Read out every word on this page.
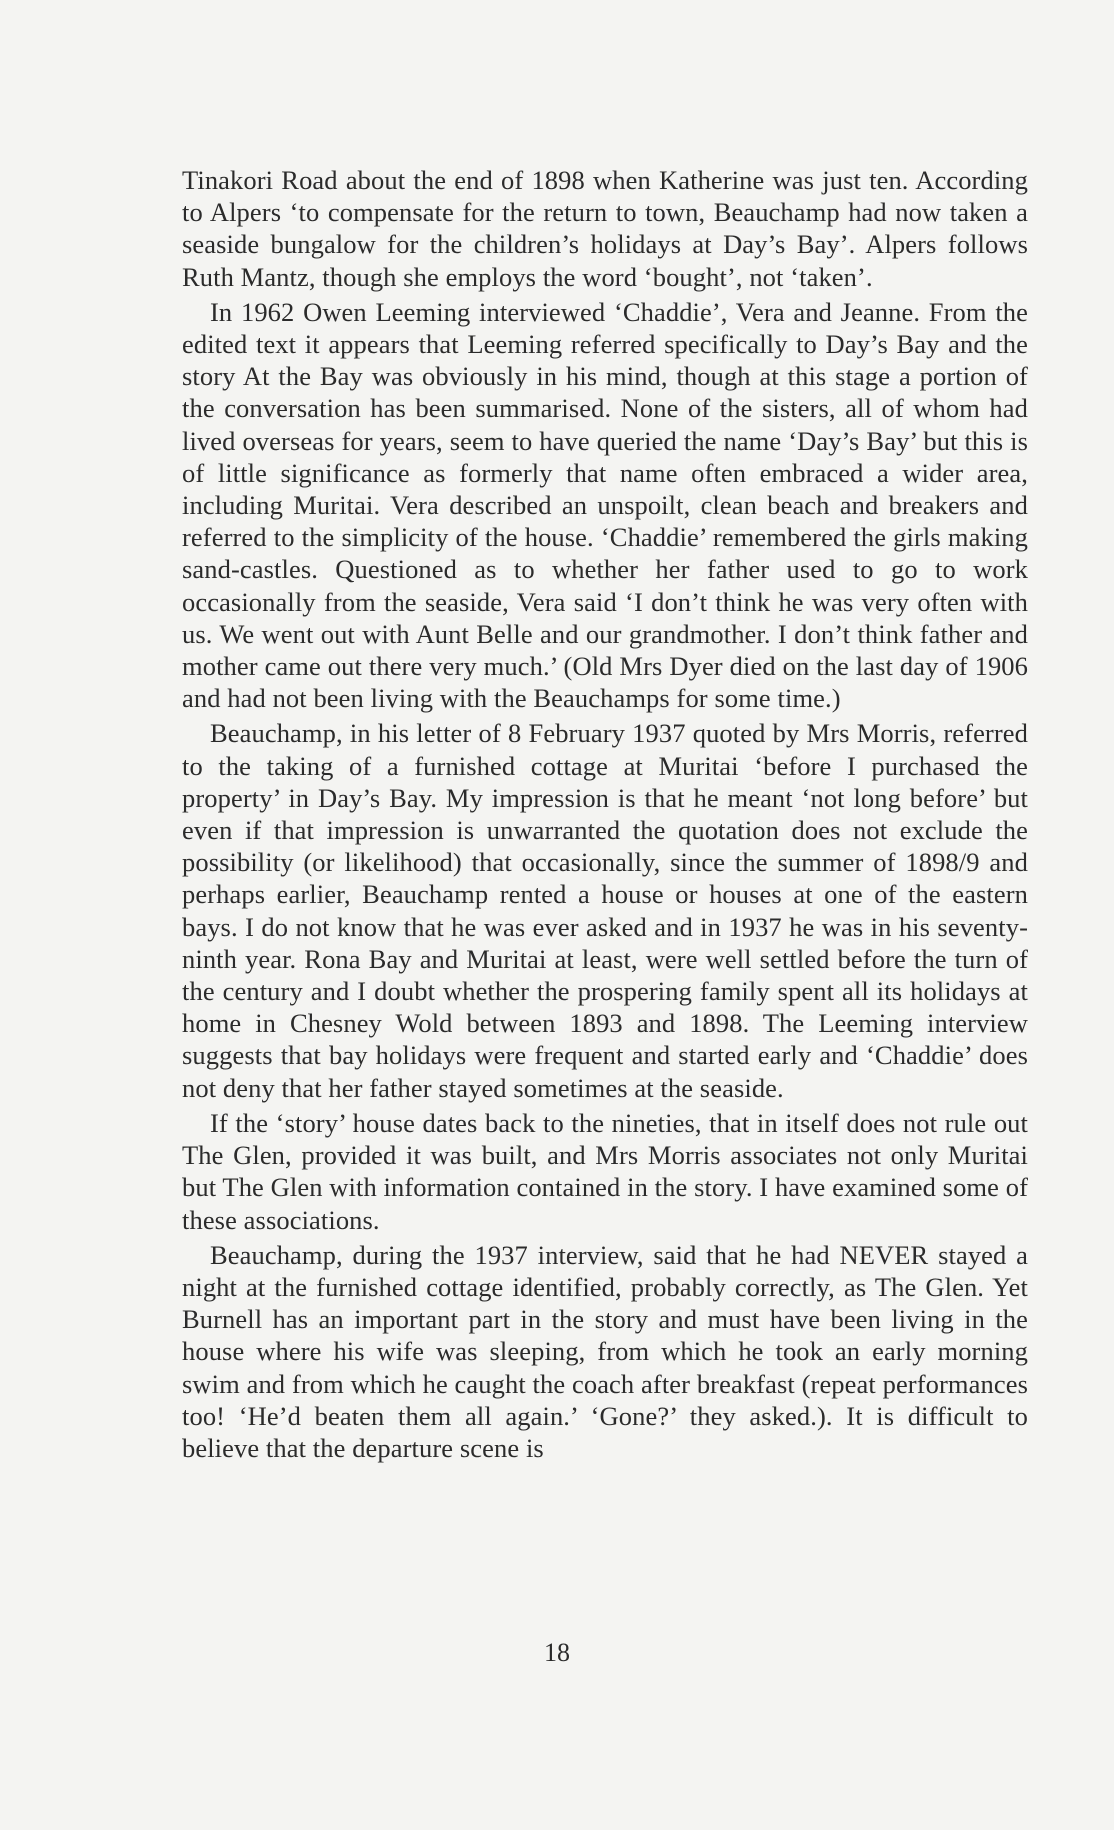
Tinakori Road about the end of 1898 when Katherine was just ten. According to Alpers ‘to compensate for the return to town, Beauchamp had now taken a seaside bungalow for the children’s holidays at Day’s Bay’. Alpers follows Ruth Mantz, though she employs the word ‘bought’, not ‘taken’.

In 1962 Owen Leeming interviewed ‘Chaddie’, Vera and Jeanne. From the edited text it appears that Leeming referred specifically to Day’s Bay and the story At the Bay was obviously in his mind, though at this stage a portion of the conversation has been summarised. None of the sisters, all of whom had lived overseas for years, seem to have queried the name ‘Day’s Bay’ but this is of little significance as formerly that name often embraced a wider area, including Muritai. Vera described an unspoilt, clean beach and breakers and referred to the simplicity of the house. ‘Chaddie’ remembered the girls making sand-castles. Questioned as to whether her father used to go to work occasionally from the seaside, Vera said ‘I don’t think he was very often with us. We went out with Aunt Belle and our grandmother. I don’t think father and mother came out there very much.’ (Old Mrs Dyer died on the last day of 1906 and had not been living with the Beauchamps for some time.)

Beauchamp, in his letter of 8 February 1937 quoted by Mrs Morris, referred to the taking of a furnished cottage at Muritai ‘before I purchased the property’ in Day’s Bay. My impression is that he meant ‘not long before’ but even if that impression is unwarranted the quotation does not exclude the possibility (or likelihood) that occasionally, since the summer of 1898/9 and perhaps earlier, Beauchamp rented a house or houses at one of the eastern bays. I do not know that he was ever asked and in 1937 he was in his seventy-ninth year. Rona Bay and Muritai at least, were well settled before the turn of the century and I doubt whether the prospering family spent all its holidays at home in Chesney Wold between 1893 and 1898. The Leeming interview suggests that bay holidays were frequent and started early and ‘Chaddie’ does not deny that her father stayed sometimes at the seaside.

If the ‘story’ house dates back to the nineties, that in itself does not rule out The Glen, provided it was built, and Mrs Morris associates not only Muritai but The Glen with information contained in the story. I have examined some of these associations.

Beauchamp, during the 1937 interview, said that he had NEVER stayed a night at the furnished cottage identified, probably correctly, as The Glen. Yet Burnell has an important part in the story and must have been living in the house where his wife was sleeping, from which he took an early morning swim and from which he caught the coach after breakfast (repeat performances too! ‘He’d beaten them all again.’ ‘Gone?’ they asked.). It is difficult to believe that the departure scene is

18
